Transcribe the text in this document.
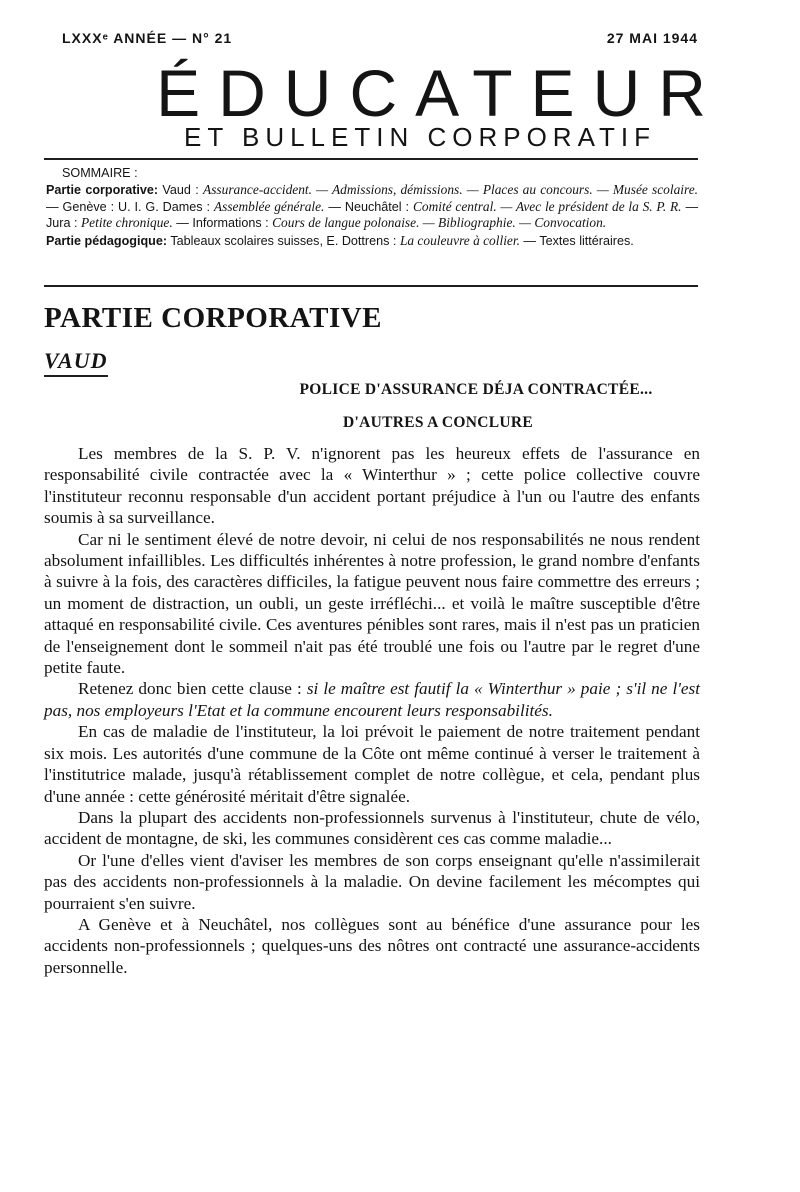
LXXXᵉ ANNÉE — N° 21	27 MAI 1944
ÉDUCATEUR
ET BULLETIN CORPORATIF
SOMMAIRE :

Partie corporative: Vaud : Assurance-accident. — Admissions, démissions. — Places au concours. — Musée scolaire. — Genève : U. I. G. Dames : Assemblée générale. — Neuchâtel : Comité central. — Avec le président de la S. P. R. — Jura : Petite chronique. — Informations : Cours de langue polonaise. — Bibliographie. — Convocation.

Partie pédagogique: Tableaux scolaires suisses, E. Dottrens : La couleuvre à collier. — Textes littéraires.

PARTIE CORPORATIVE
VAUD
POLICE D'ASSURANCE DÉJA CONTRACTÉE...
D'AUTRES A CONCLURE

Les membres de la S. P. V. n'ignorent pas les heureux effets de l'assurance en responsabilité civile contractée avec la « Winterthur » ; cette police collective couvre l'instituteur reconnu responsable d'un accident portant préjudice à l'un ou l'autre des enfants soumis à sa surveillance.

Car ni le sentiment élevé de notre devoir, ni celui de nos responsabilités ne nous rendent absolument infaillibles. Les difficultés inhérentes à notre profession, le grand nombre d'enfants à suivre à la fois, des caractères difficiles, la fatigue peuvent nous faire commettre des erreurs ; un moment de distraction, un oubli, un geste irréfléchi... et voilà le maître susceptible d'être attaqué en responsabilité civile. Ces aventures pénibles sont rares, mais il n'est pas un praticien de l'enseignement dont le sommeil n'ait pas été troublé une fois ou l'autre par le regret d'une petite faute.

Retenez donc bien cette clause : si le maître est fautif la « Winterthur » paie ; s'il ne l'est pas, nos employeurs l'Etat et la commune encourent leurs responsabilités.

En cas de maladie de l'instituteur, la loi prévoit le paiement de notre traitement pendant six mois. Les autorités d'une commune de la Côte ont même continué à verser le traitement à l'institutrice malade, jusqu'à rétablissement complet de notre collègue, et cela, pendant plus d'une année : cette générosité méritait d'être signalée.

Dans la plupart des accidents non-professionnels survenus à l'instituteur, chute de vélo, accident de montagne, de ski, les communes considèrent ces cas comme maladie...

Or l'une d'elles vient d'aviser les membres de son corps enseignant qu'elle n'assimilerait pas des accidents non-professionnels à la maladie. On devine facilement les mécomptes qui pourraient s'en suivre.

A Genève et à Neuchâtel, nos collègues sont au bénéfice d'une assurance pour les accidents non-professionnels ; quelques-uns des nôtres ont contracté une assurance-accidents personnelle.
